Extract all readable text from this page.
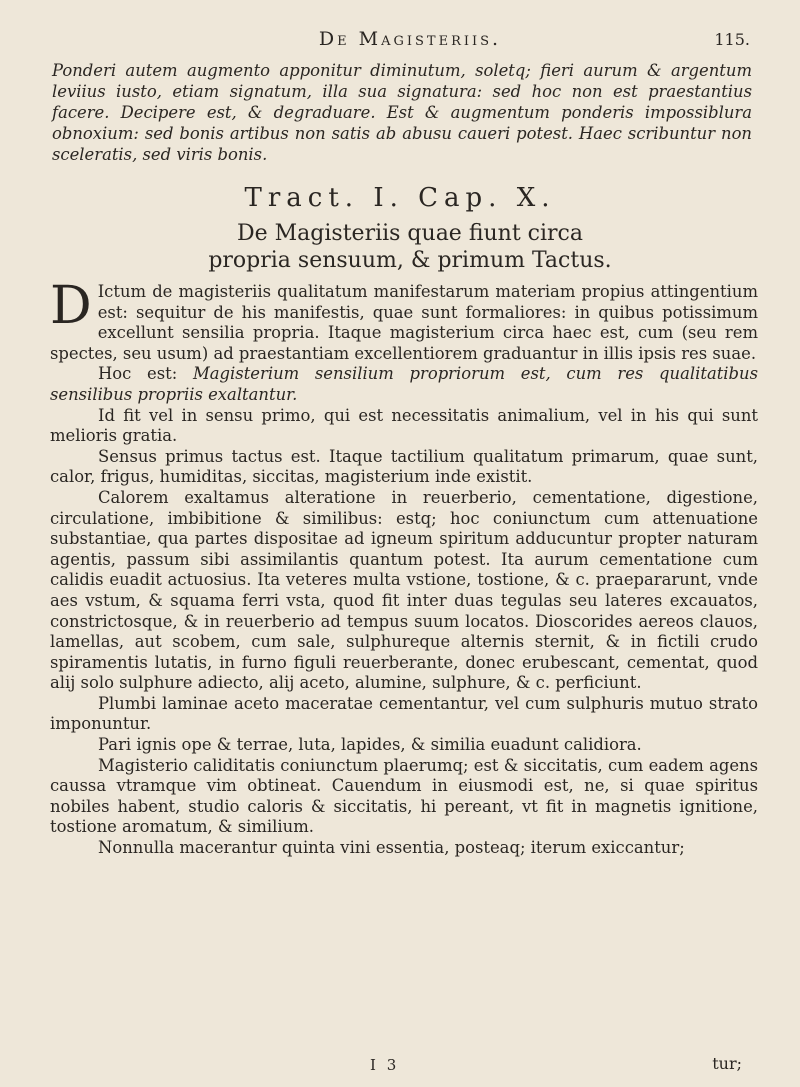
De Magisteriis.	115.
Ponderi autem augmento apponitur diminutum, soletq; fieri aurum & argentum leviius iusto, etiam signatum, illa sua signatura: sed hoc non est praestantius facere. Decipere est, & degraduare. Est & augmentum ponderis impossiblura obnoxium: sed bonis artibus non satis ab abusu caueri potest. Haec scribuntur non sceleratis, sed viris bonis.
Tract. I. Cap. X.
De Magisteriis quae fiunt circa propria sensuum, & primum Tactus.

D Ictum de magisteriis qualitatum manifestarum materiam propius attingentium est: sequitur de his manifestis, quae sunt formaliores: in quibus potissimum excellunt sensilia propria. Itaque magisterium circa haec est, cum (seu rem spectes, seu usum) ad praestantiam excellentiorem graduantur in illis ipsis res suae.

Hoc est: Magisterium sensilium propriorum est, cum res qualitatibus sensilibus propriis exaltantur.

Id fit vel in sensu primo, qui est necessitatis animalium, vel in his qui sunt melioris gratia.

Sensus primus tactus est. Itaque tactilium qualitatum primarum, quae sunt, calor, frigus, humiditas, siccitas, magisterium inde existit.

Calorem exaltamus alteratione in reuerberio, cementatione, digestione, circulatione, imbibitione & similibus: estq; hoc coniunctum cum attenuatione substantiae, qua partes dispositae ad igneum spiritum adducuntur propter naturam agentis, passum sibi assimilantis quantum potest. Ita aurum cementatione cum calidis euadit actuosius. Ita veteres multa vstione, tostione, & c. praepararunt, vnde aes vstum, & squama ferri vsta, quod fit inter duas tegulas seu lateres excauatos, constrictosque, & in reuerberio ad tempus suum locatos. Dioscorides aereos clauos, lamellas, aut scobem, cum sale, sulphureque alternis sternit, & in fictili crudo spiramentis lutatis, in furno figuli reuerberante, donec erubescant, cementat, quod alij solo sulphure adiecto, alij aceto, alumine, sulphure, & c. perficiunt.

Plumbi laminae aceto maceratae cementantur, vel cum sulphuris mutuo strato imponuntur.

Pari ignis ope & terrae, luta, lapides, & similia euadunt calidiora.

Magisterio caliditatis coniunctum plaerumq; est & siccitatis, cum eadem agens caussa vtramque vim obtineat. Cauendum in eiusmodi est, ne, si quae spiritus nobiles habent, studio caloris & siccitatis, hi pereant, vt fit in magnetis ignitione, tostione aromatum, & similium.

Nonnulla macerantur quinta vini essentia, posteaq; iterum exiccantur;

I 3	tur;
